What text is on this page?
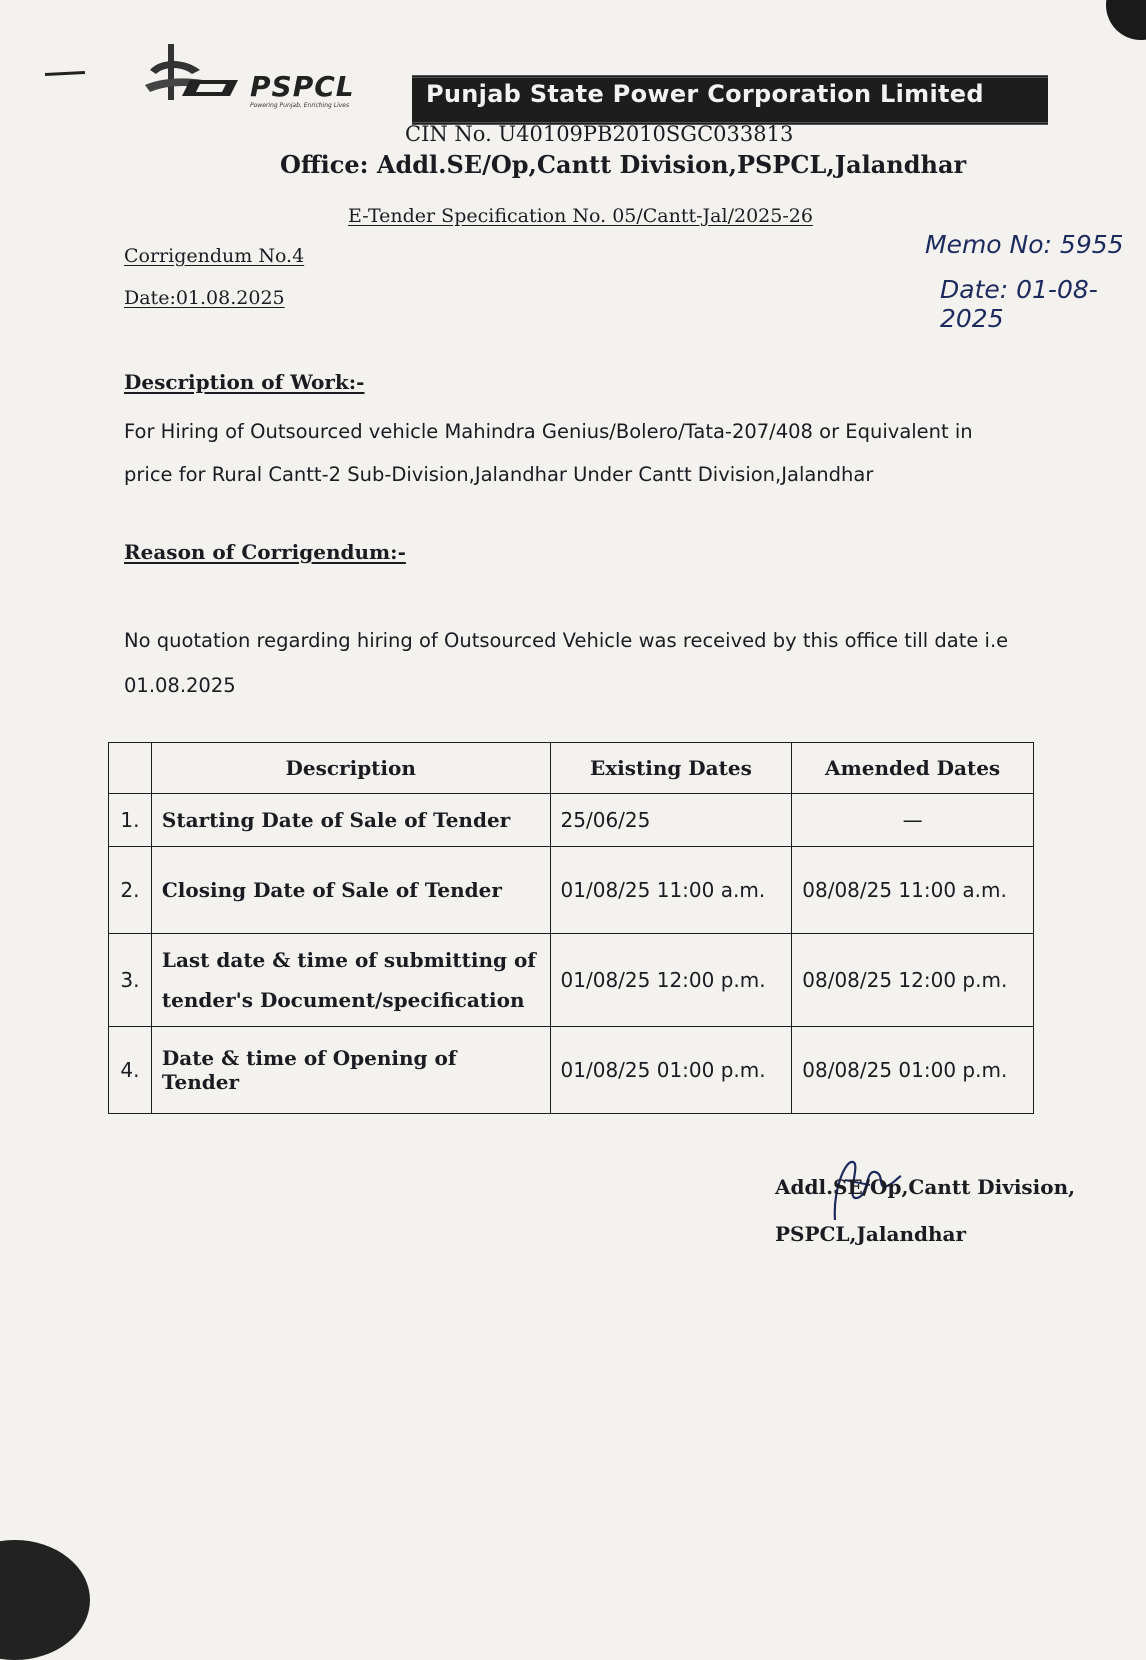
PSPCL
Powering Punjab, Enriching Lives	Punjab State Power Corporation Limited
CIN No. U40109PB2010SGC033813
Office: Addl.SE/Op,Cantt Division,PSPCL,Jalandhar
E-Tender Specification No. 05/Cantt-Jal/2025-26
Corrigendum No.4
Date:01.08.2025
Memo No: 5955
Date: 01-08-2025
Description of Work:-
For Hiring of Outsourced vehicle Mahindra Genius/Bolero/Tata-207/408 or Equivalent in
price for Rural Cantt-2 Sub-Division,Jalandhar Under Cantt Division,Jalandhar
Reason of Corrigendum:-
No quotation regarding hiring of Outsourced Vehicle was received by this office till date i.e
01.08.2025
	Description	Existing Dates	Amended Dates
1.	Starting Date of Sale of Tender	25/06/25	—
2.	Closing Date of Sale of Tender	01/08/25 11:00 a.m.	08/08/25 11:00 a.m.
3.	Last date & time of submitting of tender's Document/specification	01/08/25 12:00 p.m.	08/08/25 12:00 p.m.
4.	Date & time of Opening of Tender	01/08/25 01:00 p.m.	08/08/25 01:00 p.m.
Addl.SE/Op,Cantt Division,
PSPCL,Jalandhar
